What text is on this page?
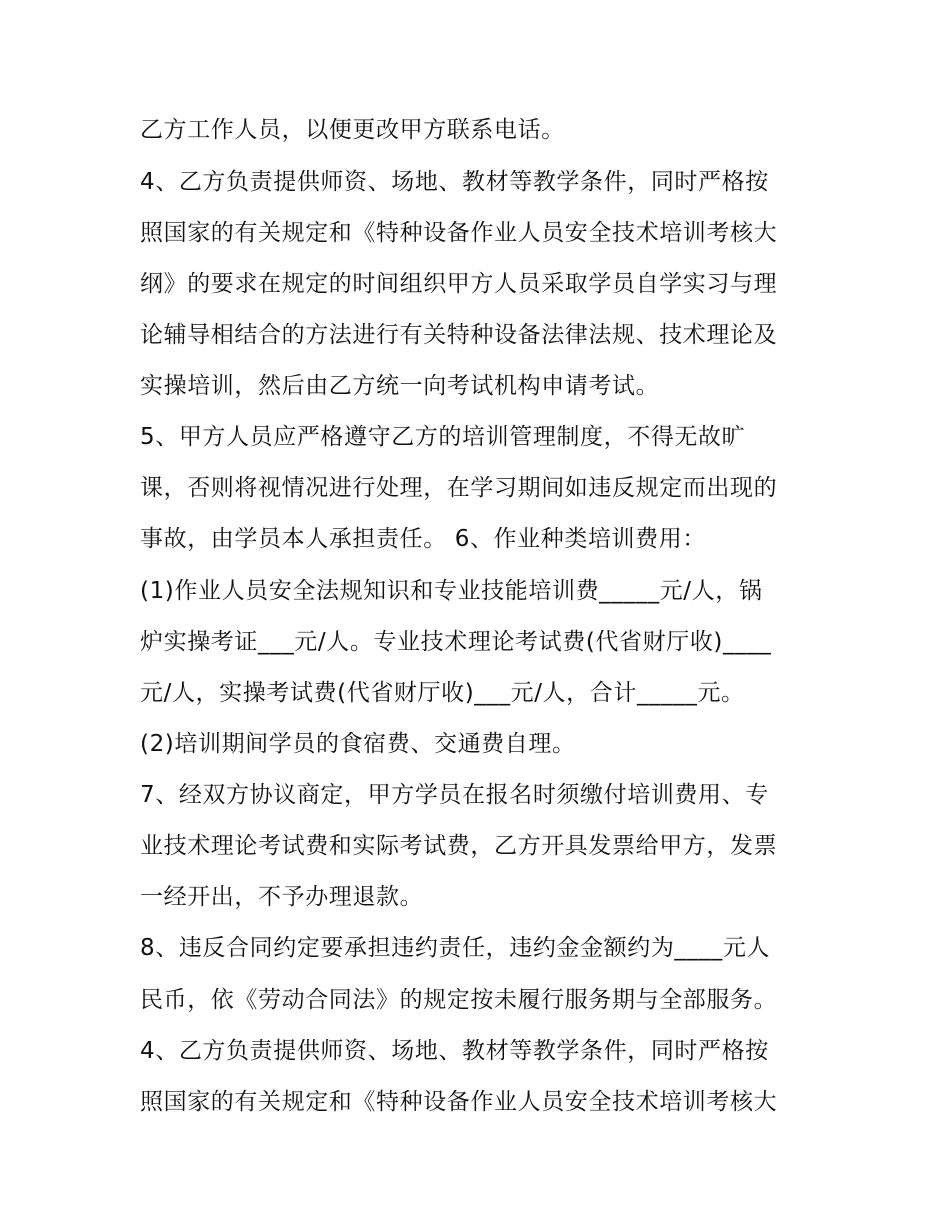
乙方工作人员，以便更改甲方联系电话。
4、乙方负责提供师资、场地、教材等教学条件，同时严格按
照国家的有关规定和《特种设备作业人员安全技术培训考核大
纲》的要求在规定的时间组织甲方人员采取学员自学实习与理
论辅导相结合的方法进行有关特种设备法律法规、技术理论及
实操培训，然后由乙方统一向考试机构申请考试。
5、甲方人员应严格遵守乙方的培训管理制度，不得无故旷
课，否则将视情况进行处理，在学习期间如违反规定而出现的
事故，由学员本人承担责任。 6、作业种类培训费用：
(1)作业人员安全法规知识和专业技能培训费_____元/人，锅
炉实操考证___元/人。专业技术理论考试费(代省财厅收)____
元/人，实操考试费(代省财厅收)___元/人，合计_____元。
(2)培训期间学员的食宿费、交通费自理。
7、经双方协议商定，甲方学员在报名时须缴付培训费用、专
业技术理论考试费和实际考试费，乙方开具发票给甲方，发票
一经开出，不予办理退款。
8、违反合同约定要承担违约责任，违约金金额约为____元人
民币，依《劳动合同法》的规定按未履行服务期与全部服务。
4、乙方负责提供师资、场地、教材等教学条件，同时严格按
照国家的有关规定和《特种设备作业人员安全技术培训考核大
